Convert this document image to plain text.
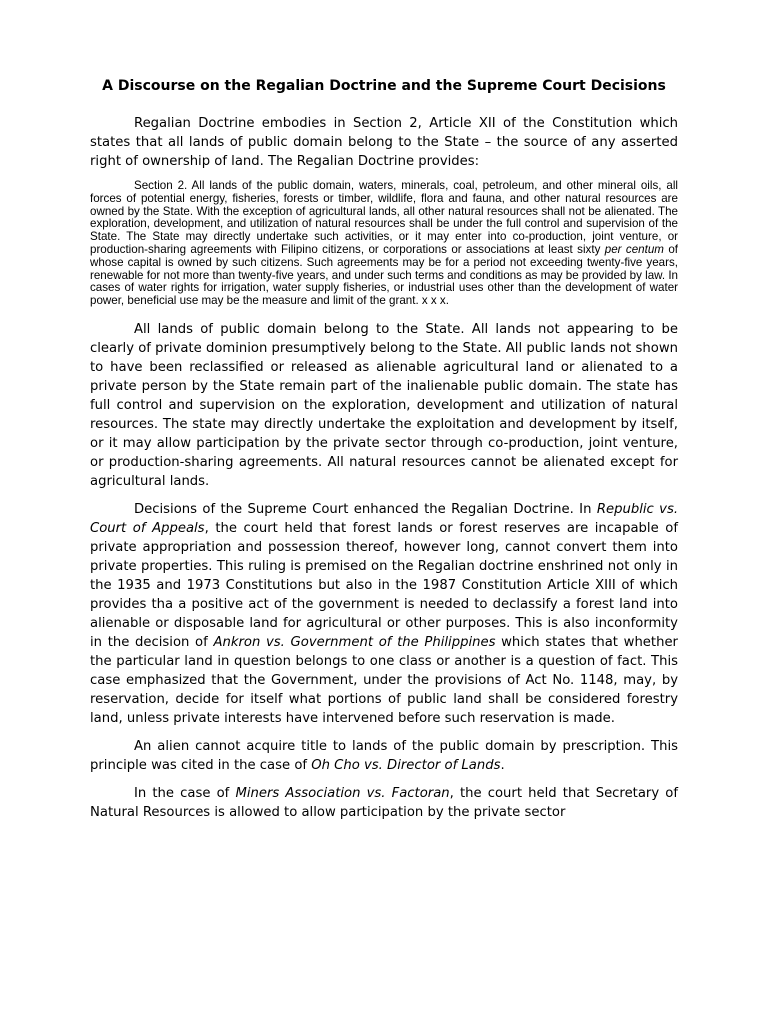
A Discourse on the Regalian Doctrine and the Supreme Court Decisions

Regalian Doctrine embodies in Section 2, Article XII of the Constitution which states that all lands of public domain belong to the State – the source of any asserted right of ownership of land. The Regalian Doctrine provides:

Section 2. All lands of the public domain, waters, minerals, coal, petroleum, and other mineral oils, all forces of potential energy, fisheries, forests or timber, wildlife, flora and fauna, and other natural resources are owned by the State. With the exception of agricultural lands, all other natural resources shall not be alienated. The exploration, development, and utilization of natural resources shall be under the full control and supervision of the State. The State may directly undertake such activities, or it may enter into co-production, joint venture, or production-sharing agreements with Filipino citizens, or corporations or associations at least sixty per centum of whose capital is owned by such citizens. Such agreements may be for a period not exceeding twenty-five years, renewable for not more than twenty-five years, and under such terms and conditions as may be provided by law. In cases of water rights for irrigation, water supply fisheries, or industrial uses other than the development of water power, beneficial use may be the measure and limit of the grant. x x x.

All lands of public domain belong to the State. All lands not appearing to be clearly of private dominion presumptively belong to the State. All public lands not shown to have been reclassified or released as alienable agricultural land or alienated to a private person by the State remain part of the inalienable public domain. The state has full control and supervision on the exploration, development and utilization of natural resources. The state may directly undertake the exploitation and development by itself, or it may allow participation by the private sector through co-production, joint venture, or production-sharing agreements. All natural resources cannot be alienated except for agricultural lands.

Decisions of the Supreme Court enhanced the Regalian Doctrine. In Republic vs. Court of Appeals, the court held that forest lands or forest reserves are incapable of private appropriation and possession thereof, however long, cannot convert them into private properties. This ruling is premised on the Regalian doctrine enshrined not only in the 1935 and 1973 Constitutions but also in the 1987 Constitution Article XIII of which provides tha a positive act of the government is needed to declassify a forest land into alienable or disposable land for agricultural or other purposes. This is also inconformity in the decision of Ankron vs. Government of the Philippines which states that whether the particular land in question belongs to one class or another is a question of fact. This case emphasized that the Government, under the provisions of Act No. 1148, may, by reservation, decide for itself what portions of public land shall be considered forestry land, unless private interests have intervened before such reservation is made.

An alien cannot acquire title to lands of the public domain by prescription. This principle was cited in the case of Oh Cho vs. Director of Lands.

In the case of Miners Association vs. Factoran, the court held that Secretary of Natural Resources is allowed to allow participation by the private sector
